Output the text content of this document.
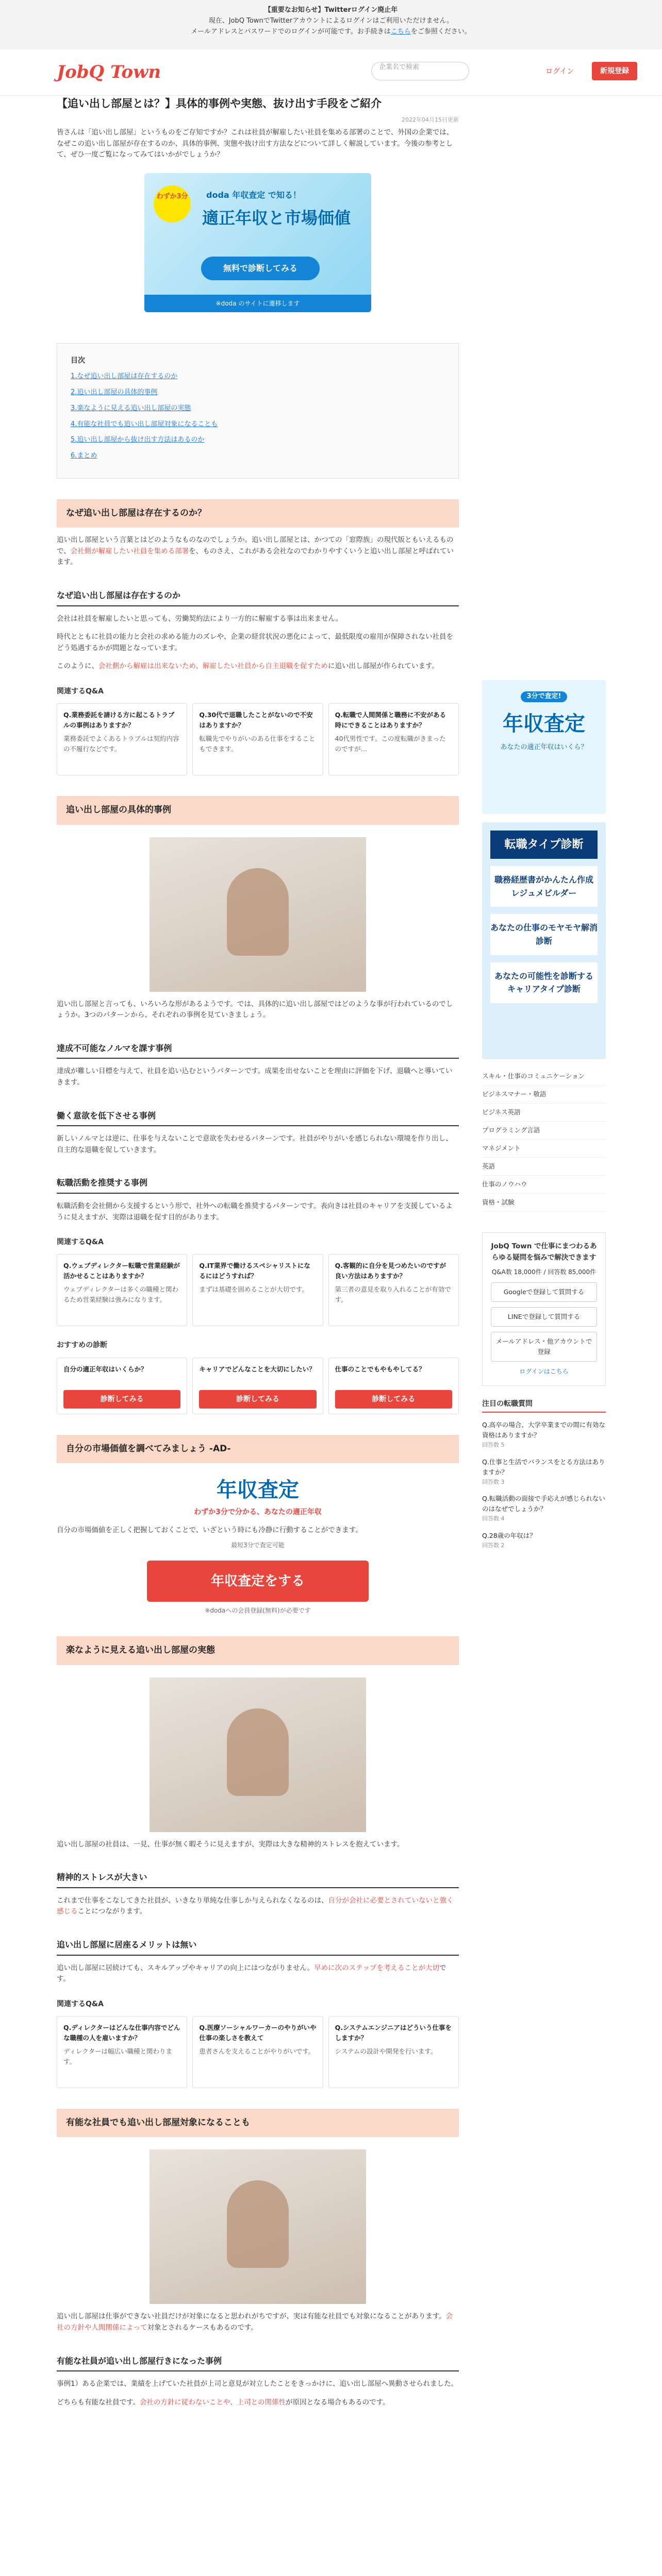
【重要なお知らせ】Twitterログイン廃止年
現在、JobQ TownでTwitterアカウントによるログインはご利用いただけません。
メールアドレスとパスワードでのログインが可能です。お手続きはこちらをご参照ください。
JobQ Town	企業名で検索
ログイン	新規登録
【追い出し部屋とは？】具体的事例や実態、抜け出す手段をご紹介
2022年04月15日更新
皆さんは「追い出し部屋」というものをご存知ですか？これは社員が解雇したい社員を集める部署のことで、外国の企業では、なぜこの追い出し部屋が存在するのか、具体的事例、実態や抜け出す方法などについて詳しく解説しています。今後の参考として、ぜひ一度ご覧になってみてはいかがでしょうか？
わずか3分	doda 年収査定 で知る！
適正年収と市場価値
無料で診断してみる
※doda のサイトに遷移します
目次
1.なぜ追い出し部屋は存在するのか
2.追い出し部屋の具体的事例
3.楽なように見える追い出し部屋の実態
4.有能な社員でも追い出し部屋対象になることも
5.追い出し部屋から抜け出す方法はあるのか
6.まとめ
なぜ追い出し部屋は存在するのか？
追い出し部屋という言葉とはどのようなものなのでしょうか。追い出し部屋とは、かつての「窓際族」の現代版ともいえるもので、会社側が解雇したい社員を集める部署を、ものさえ、これがある会社なのでわかりやすくいうと追い出し部屋と呼ばれています。
なぜ追い出し部屋は存在するのか
会社は社員を解雇したいと思っても、労働契約法により一方的に解雇する事は出来ません。
時代とともに社員の能力と会社の求める能力のズレや、企業の経営状況の悪化によって、最低限度の雇用が保障されない社員をどう処遇するかが問題となっています。
このように、会社側から解雇は出来ないため、解雇したい社員から自主退職を促すために追い出し部屋が作られています。
関連するQ&A
Q.業務委託を請ける方に起こるトラブルの事例はありますか？
業務委託でよくあるトラブルは契約内容の不履行などです。
Q.30代で退職したことがないので不安はありますか？
転職先でやりがいのある仕事をすることもできます。
Q.転職で人間関係と職務に不安がある時にできることはありますか？
40代男性です。この度転職がきまったのですが…
追い出し部屋の具体的事例
追い出し部屋と言っても、いろいろな形があるようです。では、具体的に追い出し部屋ではどのような事が行われているのでしょうか。3つのパターンから、それぞれの事例を見ていきましょう。
達成不可能なノルマを課す事例
達成が難しい目標を与えて、社員を追い込むというパターンです。成果を出せないことを理由に評価を下げ、退職へと導いていきます。
働く意欲を低下させる事例
新しいノルマとは逆に、仕事を与えないことで意欲を失わせるパターンです。社員がやりがいを感じられない環境を作り出し、自主的な退職を促していきます。
転職活動を推奨する事例
転職活動を会社側から支援するという形で、社外への転職を推奨するパターンです。表向きは社員のキャリアを支援しているように見えますが、実際は退職を促す目的があります。
関連するQ&A
Q.ウェブディレクター転職で営業経験が活かせることはありますか？
ウェブディレクターは多くの職種と関わるため営業経験は強みになります。
Q.IT業界で働けるスペシャリストになるにはどうすれば？
まずは基礎を固めることが大切です。
Q.客観的に自分を見つめたいのですが良い方法はありますか？
第三者の意見を取り入れることが有効です。
おすすめの診断
自分の適正年収はいくらか？
診断してみる
キャリアでどんなことを大切にしたい？
診断してみる
仕事のことでもやもやしてる？
診断してみる
自分の市場価値を調べてみましょう -AD-
年収査定
わずか3分で分かる、あなたの適正年収
自分の市場価値を正しく把握しておくことで、いざという時にも冷静に行動することができます。
最短3分で査定可能
年収査定をする
※dodaへの会員登録(無料)が必要です
楽なように見える追い出し部屋の実態
追い出し部屋の社員は、一見、仕事が無く暇そうに見えますが、実際は大きな精神的ストレスを抱えています。
精神的ストレスが大きい
これまで仕事をこなしてきた社員が、いきなり単純な仕事しか与えられなくなるのは、自分が会社に必要とされていないと強く感じることにつながります。
追い出し部屋に居座るメリットは無い
追い出し部屋に居続けても、スキルアップやキャリアの向上にはつながりません。早めに次のステップを考えることが大切です。
関連するQ&A
Q.ディレクターはどんな仕事内容でどんな職種の人を雇いますか？
ディレクターは幅広い職種と関わります。
Q.医療ソーシャルワーカーのやりがいや仕事の楽しさを教えて
患者さんを支えることがやりがいです。
Q.システムエンジニアはどういう仕事をしますか？
システムの設計や開発を行います。
有能な社員でも追い出し部屋対象になることも
追い出し部屋は仕事ができない社員だけが対象になると思われがちですが、実は有能な社員でも対象になることがあります。会社の方針や人間関係によって対象とされるケースもあるのです。
有能な社員が追い出し部屋行きになった事例
事例1）ある企業では、業績を上げていた社員が上司と意見が対立したことをきっかけに、追い出し部屋へ異動させられました。
どちらも有能な社員です。会社の方針に従わないことや、上司との関係性が原因となる場合もあるのです。
3分で査定!
年収査定
あなたの適正年収はいくら？
転職タイプ診断
職務経歴書がかんたん作成 レジュメビルダー
あなたの仕事のモヤモヤ解消診断
あなたの可能性を診断する キャリアタイプ診断
スキル・仕事のコミュニケーション
ビジネスマナー・敬語
ビジネス英語
プログラミング言語
マネジメント
英語
仕事のノウハウ
資格・試験
JobQ Town で仕事にまつわるあらゆる疑問を悩みで解決できます
Q&A数 18,000件 / 回答数 85,000件
Googleで登録して質問する
LINEで登録して質問する
メールアドレス・他アカウントで登録
ログインはこちら
注目の転職質問
Q.高卒の場合、大学卒業までの間に有効な資格はありますか？
回答数 5
Q.仕事と生活でバランスをとる方法はありますか？
回答数 3
Q.転職活動の面接で手応えが感じられないのはなぜでしょうか？
回答数 4
Q.28歳の年収は？
回答数 2
